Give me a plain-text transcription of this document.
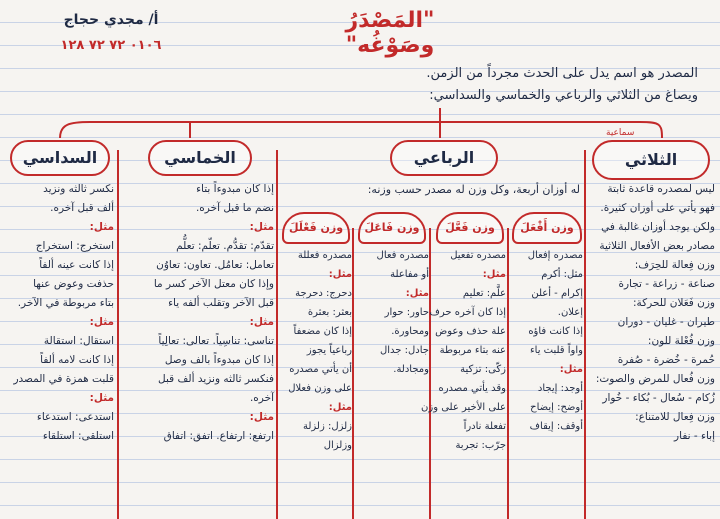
"المَصْدَرُ وصَوْغُه"
أ/ مجدي حجاج
٠١٠٦ ٧٢ ٧٢ ١٢٨
المصدر هو اسم يدل على الحدث مجرداً من الزمن.
ويصاغ من الثلاثي والرباعي والخماسي والسداسي:
الثلاثي
سماعية
الرباعي
الخماسي
السداسي
ليس لمصدره قاعدة ثابتة
فهو يأتي على أوزان كثيرة.
ولكن يوجد أوزان غالبة في
مصادر بعض الأفعال الثلاثية
وزن فِعالة للحِرَف:
صناعة - زراعة - تجارة
وزن فَعَلان للحركة:
طيران - غليان - دوران
وزن فُعْلة للون:
حُمرة - خُضرة - صُفرة
وزن فُعال للمرض والصوت:
زُكام - سُعال - بُكاء - خُوار
وزن فِعال للامتناع:
إباء - نفار
له أوزان أربعة، وكل وزن له مصدر حسب وزنه:
وزن أَفْعَلَ
وزن فَعَّلَ
وزن فَاعَلَ
وزن فَعْلَلَ
مصدره إفعال
مثل: أكرم
إكرام - أعلن
إعلان.
إذا كانت فاؤه
واواً قلبت ياء
مثل:
أوجد: إيجاد
أوضح: إيضاح
أوقف: إيقاف
مصدره تفعيل
مثل:
علَّم: تعليم
إذا كان آخره حرف
علة حذف وعوض
عنه بتاء مربوطة
زكّى: تزكية
وقد يأتي مصدره
على الأخير على وزن
تفعلة نادراً
جرّب: تجربة
مصدره فعال
أو مفاعلة
مثل:
حاور: حوار
ومحاورة.
جادل: جدال
ومجادلة.
مصدره فعللة
مثل:
دحرج: دحرجة
بعثر: بعثرة
إذا كان مضعفاً
رباعياً يجوز
أن يأتي مصدره
على وزن فعلال
مثل:
زلزل: زلزلة
وزلزال
إذا كان مبدوءاً بتاء
نضم ما قبل آخره.
مثل:
تقدّم: تقدُّم. تعلّم: تعلُّم
تعامل: تعامُل. تعاون: تعاوُن
وإذا كان معتل الآخر كسر ما
قبل الآخر وتقلب ألفه ياء
مثل:
تناسى: تناسِياً. تعالى: تعالِياً
إذا كان مبدوءاً بالف وصل
فنكسر ثالثه ونزيد ألف قبل
آخره.
مثل:
ارتفع: ارتفاع. اتفق: اتفاق
نكسر ثالثه ونزيد
ألف قبل آخره.
مثل:
استخرج: استخراج
إذا كانت عينه ألفاً
حذفت وعوض عنها
بتاء مربوطة في الآخر.
مثل:
استقال: استقالة
إذا كانت لامه ألفاً
قلبت همزة في المصدر
مثل:
استدعى: استدعاء
استلقى: استلقاء
